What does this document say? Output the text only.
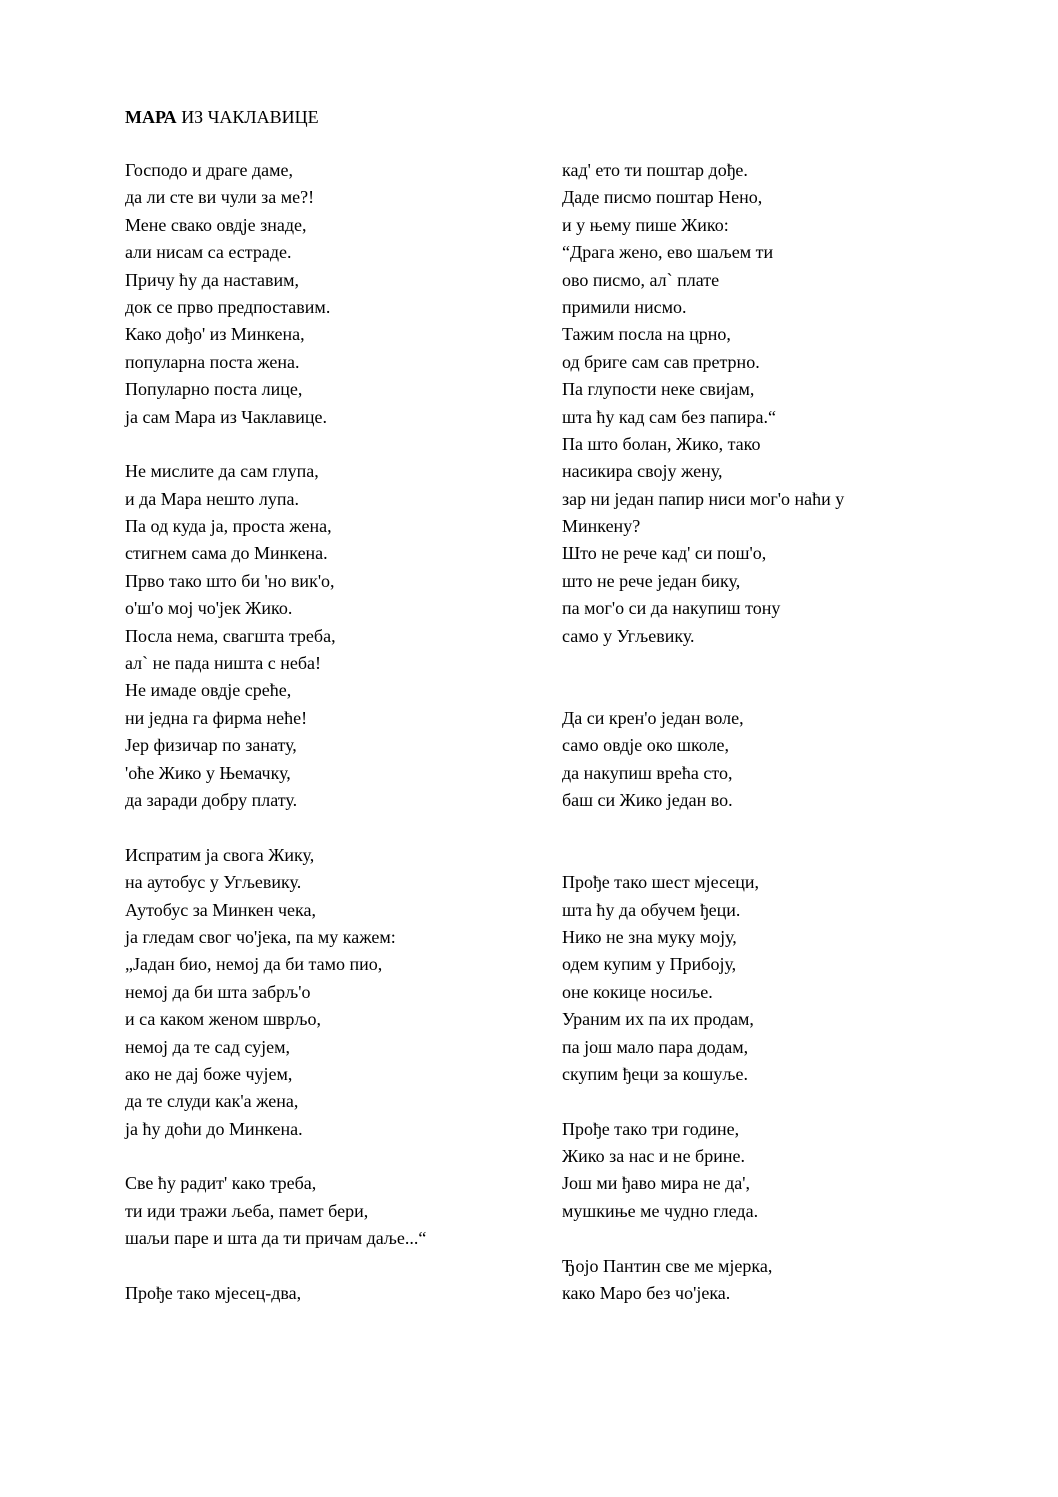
МАРА ИЗ ЧАКЛАВИЦЕ
Господо и драге даме,
да ли сте ви чули за ме?!
Мене свако овдје знаде,
али нисам са естраде.
Причу ћу да наставим,
док се прво предпоставим.
Како дођо' из Минкена,
популарна поста жена.
Популарно поста лице,
ја сам Мара из Чаклавице.
Не мислите да сам глупа,
и да Мара нешто лупа.
Па од куда ја, проста жена,
стигнем сама до Минкена.
Прво тако што би 'но вик'о,
о'ш'о мој чо'јек Жико.
Посла нема, свагшта треба,
ал` не пада ништа с неба!
Не имаде овдје среће,
ни једна га фирма неће!
Јер физичар по занату,
'оће Жико у Њемачку,
да заради добру плату.
Испратим ја свога Жику,
на аутобус у Угљевику.
Аутобус за Минкен чека,
ја гледам свог чо'јека, па му кажем:
„Јадан био, немој да би тамо пио,
немој да би шта забрљ'о
и са каком женом шврљо,
немој да те сад сујем,
ако не дај боже чујем,
да те слуди как'а жена,
ја ћу доћи до Минкена.
Све ћу радит' како треба,
ти иди тражи љеба, памет бери,
шаљи паре и шта да ти причам даље...“
Прође тако мјесец-два,
кад' ето ти поштар дође.
Даде писмо поштар Нено,
и у њему пише Жико:
“Драга жено, ево шаљем ти
ово писмо, ал` плате
примили нисмо.
Тажим посла на црно,
од бриге сам сав претрно.
Па глупости неке свијам,
шта ћу кад сам без папира.“
Па што болан, Жико, тако
насикира своју жену,
зар ни један папир ниси мог'о наћи у
Минкену?
Што не рече кад' си пош'о,
што не рече један бику,
па мог'о си да накупиш тону
само у Угљевику.
Да си крен'о један воле,
само овдје око школе,
да накупиш врећа сто,
баш си Жико један во.
Прође тако шест мјесеци,
шта ћу да обучем ђеци.
Нико не зна муку моју,
одем купим у Прибоју,
оне кокице носиље.
Ураним их па их продам,
па још мало пара додам,
скупим ђеци за кошуље.
Прође тако три године,
Жико за нас и не брине.
Још ми ђаво мира не да',
мушкиње ме чудно гледа.
Ђојо Пантин све ме мјерка,
како Маро без чо'јека.
